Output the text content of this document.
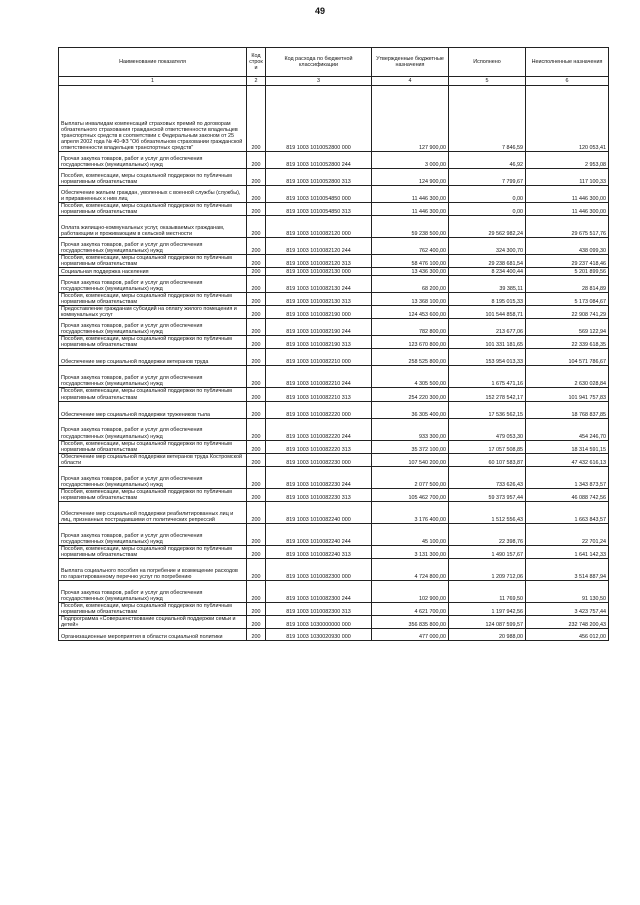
49
Наименование показателя	Код строк и	Код расхода по бюджетной классификации	Утвержденные бюджетные назначения	Исполнено	Неисполненные назначения
1	2	3	4	5	6
Выплаты инвалидам компенсаций страховых премий по договорам обязательного страхования гражданской ответственности владельцев транспортных средств в соответствии с Федеральным законом от 25 апреля 2002 года № 40-ФЗ "Об обязательном страховании гражданской ответственности владельцев транспортных средств"	200	819 1003 1010052800 000	127 900,00	7 846,59	120 053,41
Прочая закупка товаров, работ и услуг для обеспечения государственных (муниципальных) нужд	200	819 1003 1010052800 244	3 000,00	46,92	2 953,08
Пособия, компенсации, меры социальной поддержки по публичным нормативным обязательствам	200	819 1003 1010052800 313	124 900,00	7 799,67	117 100,33
Обеспечение жильем граждан, уволенных с военной службы (службы), и приравненных к ним лиц	200	819 1003 1010054850 000	11 446 300,00	0,00	11 446 300,00
Пособия, компенсации, меры социальной поддержки по публичным нормативным обязательствам	200	819 1003 1010054850 313	11 446 300,00	0,00	11 446 300,00
Оплата жилищно-коммунальных услуг, оказываемых гражданам, работающим и проживающим в сельской местности	200	819 1003 1010082120 000	59 238 500,00	29 562 982,24	29 675 517,76
Прочая закупка товаров, работ и услуг для обеспечения государственных (муниципальных) нужд	200	819 1003 1010082120 244	762 400,00	324 300,70	438 099,30
Пособия, компенсации, меры социальной поддержки по публичным нормативным обязательствам	200	819 1003 1010082120 313	58 476 100,00	29 238 681,54	29 237 418,46
Социальная поддержка населения	200	819 1003 1010082130 000	13 436 300,00	8 234 400,44	5 201 899,56
Прочая закупка товаров, работ и услуг для обеспечения государственных (муниципальных) нужд	200	819 1003 1010082130 244	68 200,00	39 385,11	28 814,89
Пособия, компенсации, меры социальной поддержки по публичным нормативным обязательствам	200	819 1003 1010082130 313	13 368 100,00	8 195 015,33	5 173 084,67
Предоставление гражданам субсидий на оплату жилого помещения и коммунальных услуг	200	819 1003 1010082190 000	124 453 600,00	101 544 858,71	22 908 741,29
Прочая закупка товаров, работ и услуг для обеспечения государственных (муниципальных) нужд	200	819 1003 1010082190 244	782 800,00	213 677,06	569 122,94
Пособия, компенсации, меры социальной поддержки по публичным нормативным обязательствам	200	819 1003 1010082190 313	123 670 800,00	101 331 181,65	22 339 618,35
Обеспечение мер социальной поддержки ветеранов труда	200	819 1003 1010082210 000	258 525 800,00	153 954 013,33	104 571 786,67
Прочая закупка товаров, работ и услуг для обеспечения государственных (муниципальных) нужд	200	819 1003 1010082210 244	4 305 500,00	1 675 471,16	2 630 028,84
Пособия, компенсации, меры социальной поддержки по публичным нормативным обязательствам	200	819 1003 1010082210 313	254 220 300,00	152 278 542,17	101 941 757,83
Обеспечение мер социальной поддержки тружеников тыла	200	819 1003 1010082220 000	36 305 400,00	17 536 562,15	18 768 837,85
Прочая закупка товаров, работ и услуг для обеспечения государственных (муниципальных) нужд	200	819 1003 1010082220 244	933 300,00	479 053,30	454 246,70
Пособия, компенсации, меры социальной поддержки по публичным нормативным обязательствам	200	819 1003 1010082220 313	35 372 100,00	17 057 508,85	18 314 591,15
Обеспечение мер социальной поддержки ветеранов труда Костромской области	200	819 1003 1010082230 000	107 540 200,00	60 107 583,87	47 432 616,13
Прочая закупка товаров, работ и услуг для обеспечения государственных (муниципальных) нужд	200	819 1003 1010082230 244	2 077 500,00	733 626,43	1 343 873,57
Пособия, компенсации, меры социальной поддержки по публичным нормативным обязательствам	200	819 1003 1010082230 313	105 462 700,00	59 373 957,44	46 088 742,56
Обеспечение мер социальной поддержки реабилитированных лиц и лиц, признанных пострадавшими от политических репрессий	200	819 1003 1010082240 000	3 176 400,00	1 512 556,43	1 663 843,57
Прочая закупка товаров, работ и услуг для обеспечения государственных (муниципальных) нужд	200	819 1003 1010082240 244	45 100,00	22 398,76	22 701,24
Пособия, компенсации, меры социальной поддержки по публичным нормативным обязательствам	200	819 1003 1010082240 313	3 131 300,00	1 490 157,67	1 641 142,33
Выплата социального пособия на погребение и возмещение расходов по гарантированному перечню услуг по погребению	200	819 1003 1010082300 000	4 724 800,00	1 209 712,06	3 514 887,94
Прочая закупка товаров, работ и услуг для обеспечения государственных (муниципальных) нужд	200	819 1003 1010082300 244	102 900,00	11 769,50	91 130,50
Пособия, компенсации, меры социальной поддержки по публичным нормативным обязательствам	200	819 1003 1010082300 313	4 621 700,00	1 197 942,56	3 423 757,44
Подпрограмма «Совершенствование социальной поддержки семьи и детей»	200	819 1003 1030000000 000	356 835 800,00	124 087 599,57	232 748 200,43
Организационные мероприятия в области социальной политики	200	819 1003 1030020930 000	477 000,00	20 988,00	456 012,00
